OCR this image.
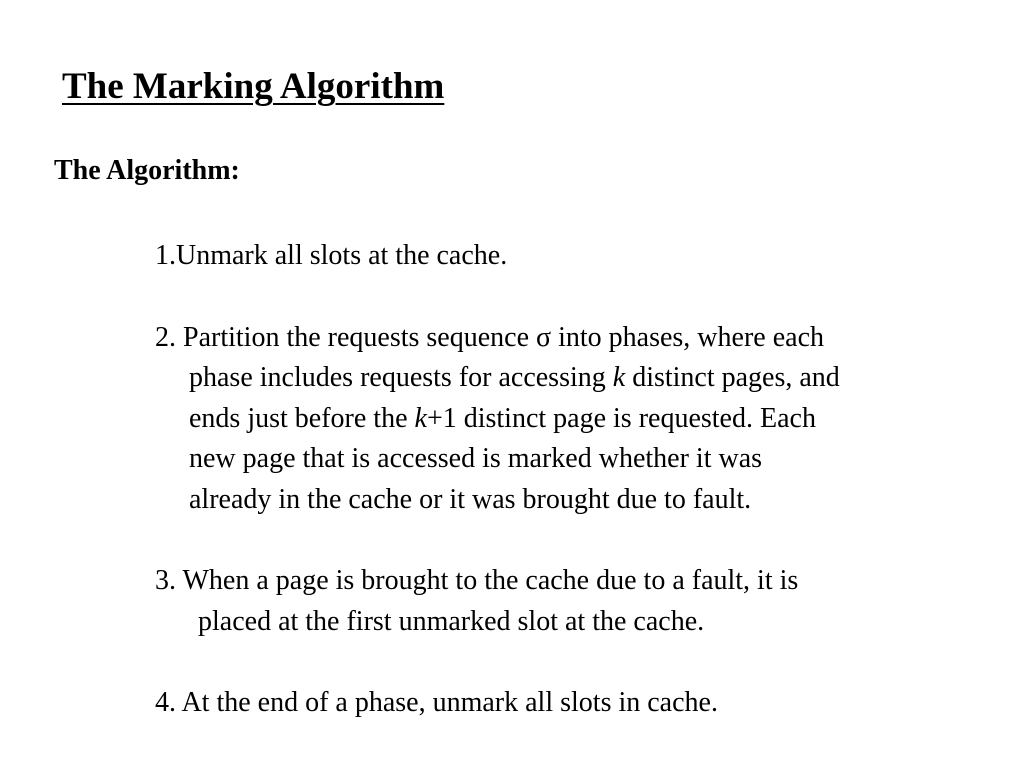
The Marking Algorithm
The Algorithm:
1.Unmark all slots at the cache.
2. Partition the requests sequence σ into phases, where each
phase includes requests for accessing k distinct pages, and
ends just before the k+1 distinct page is requested. Each
new page that is accessed is marked whether it was
already in the cache or it was brought due to fault.
3. When a page is brought to the cache due to a fault, it is
placed at the first unmarked slot at the cache.
4. At the end of a phase, unmark all slots in cache.
